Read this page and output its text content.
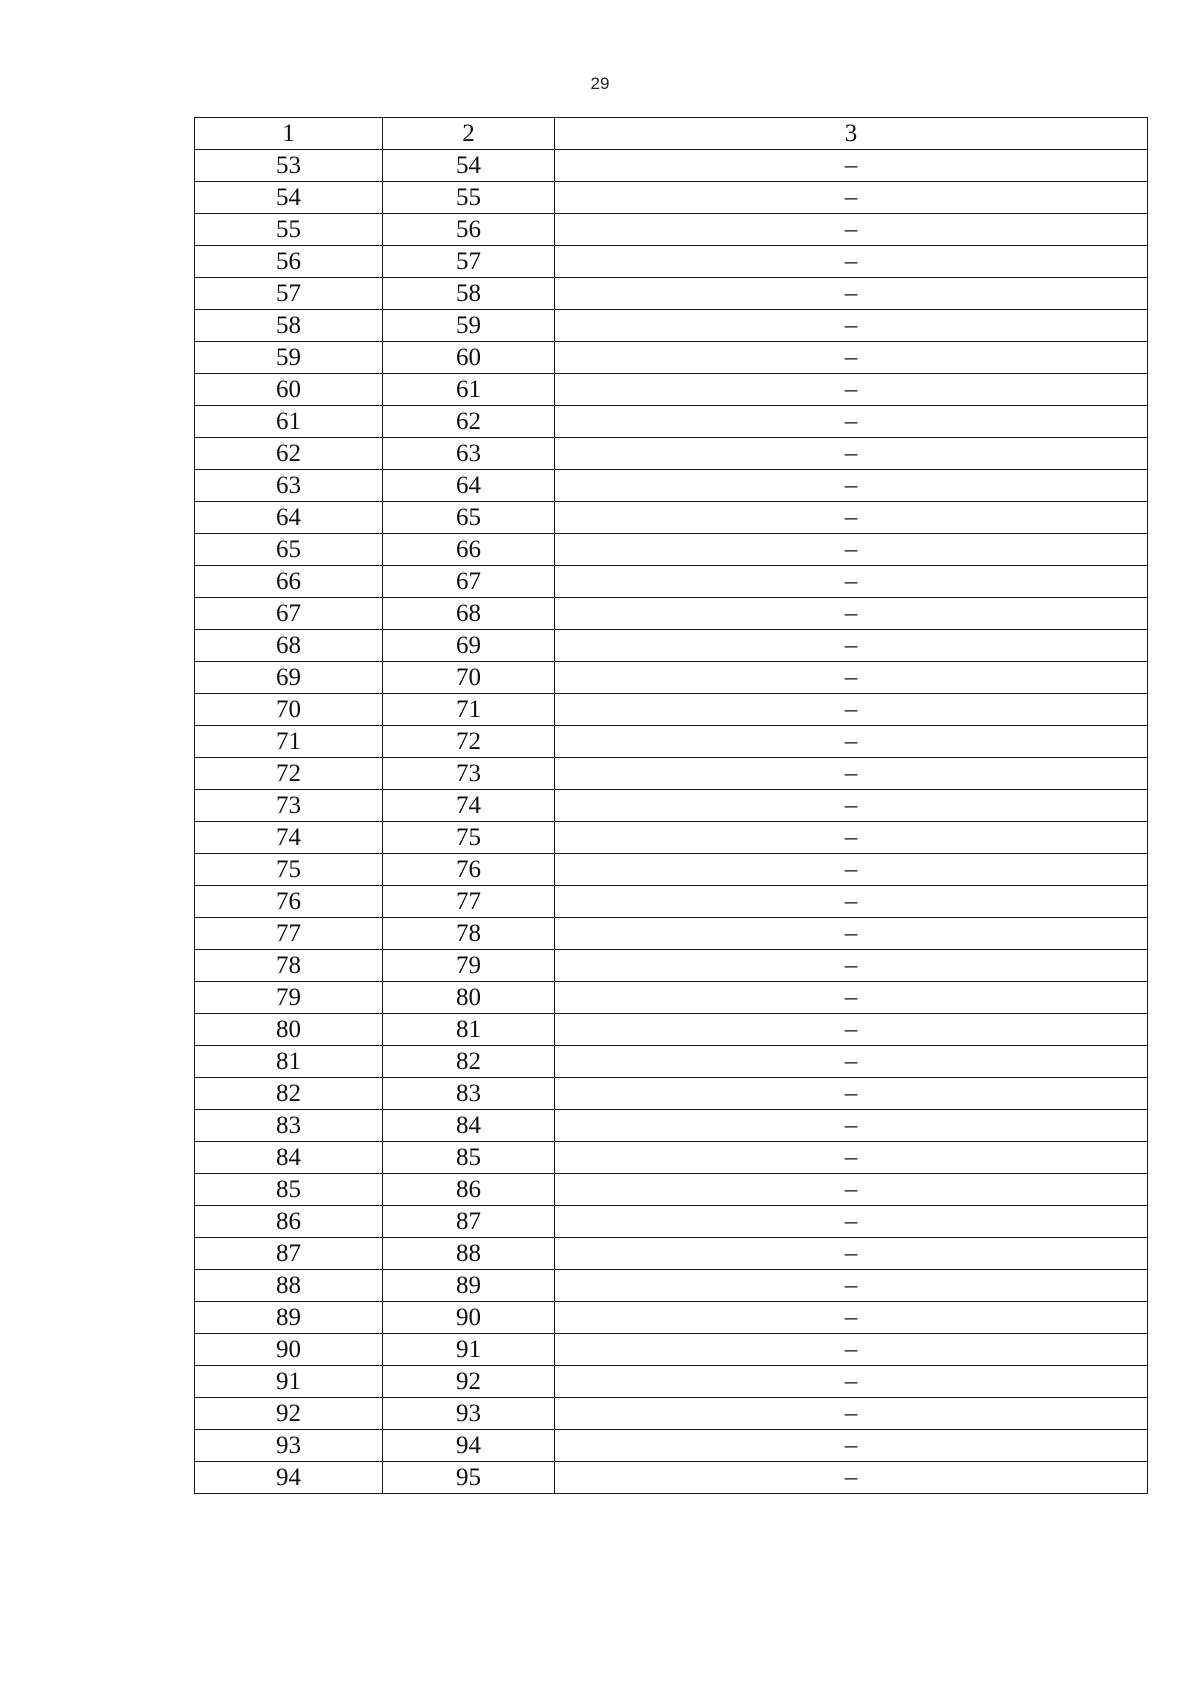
29
1	2	3
53	54	–
54	55	–
55	56	–
56	57	–
57	58	–
58	59	–
59	60	–
60	61	–
61	62	–
62	63	–
63	64	–
64	65	–
65	66	–
66	67	–
67	68	–
68	69	–
69	70	–
70	71	–
71	72	–
72	73	–
73	74	–
74	75	–
75	76	–
76	77	–
77	78	–
78	79	–
79	80	–
80	81	–
81	82	–
82	83	–
83	84	–
84	85	–
85	86	–
86	87	–
87	88	–
88	89	–
89	90	–
90	91	–
91	92	–
92	93	–
93	94	–
94	95	–
